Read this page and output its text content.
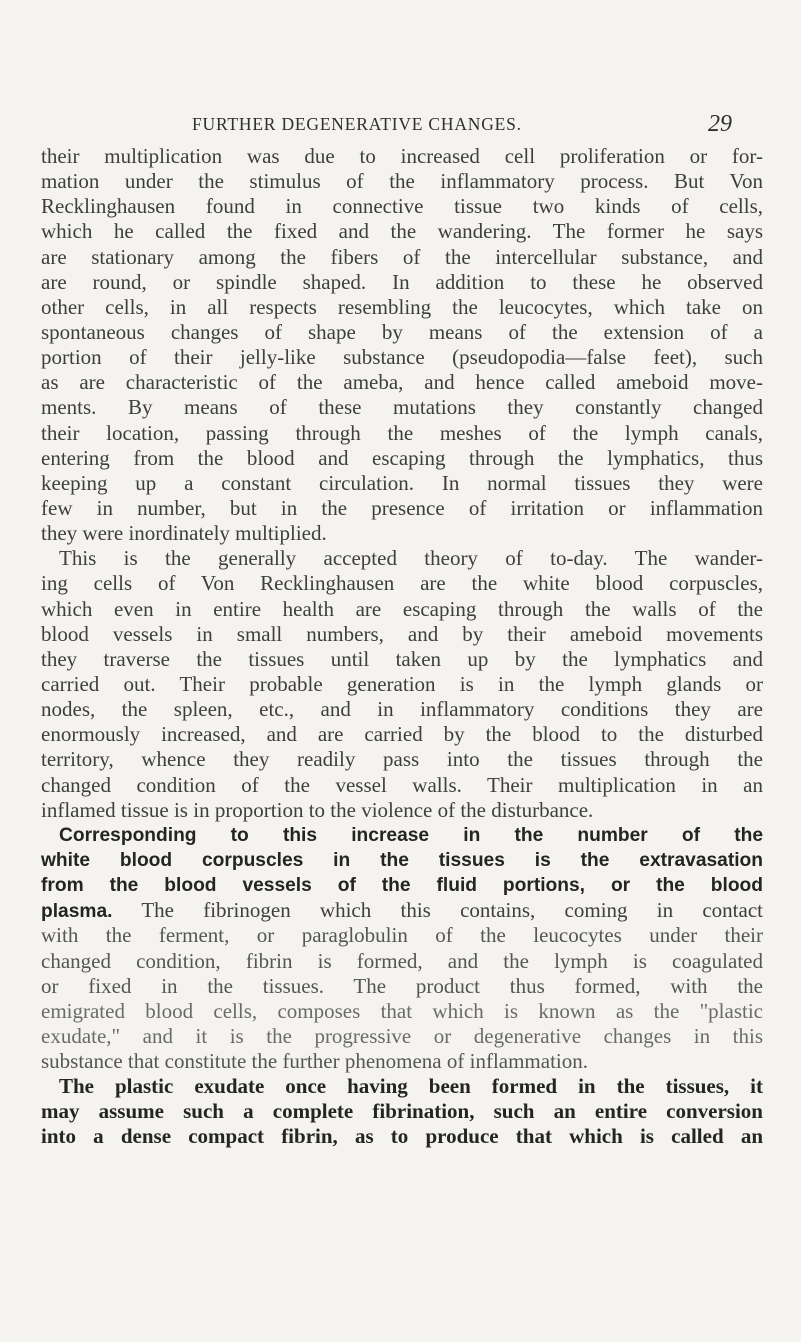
FURTHER DEGENERATIVE CHANGES.	29
their multiplication was due to increased cell proliferation or for-
mation under the stimulus of the inflammatory process. But Von
Recklinghausen found in connective tissue two kinds of cells,
which he called the fixed and the wandering. The former he says
are stationary among the fibers of the intercellular substance, and
are round, or spindle shaped. In addition to these he observed
other cells, in all respects resembling the leucocytes, which take on
spontaneous changes of shape by means of the extension of a
portion of their jelly-like substance (pseudopodia—false feet), such
as are characteristic of the ameba, and hence called ameboid move-
ments. By means of these mutations they constantly changed
their location, passing through the meshes of the lymph canals,
entering from the blood and escaping through the lymphatics, thus
keeping up a constant circulation. In normal tissues they were
few in number, but in the presence of irritation or inflammation
they were inordinately multiplied.
This is the generally accepted theory of to-day. The wander-
ing cells of Von Recklinghausen are the white blood corpuscles,
which even in entire health are escaping through the walls of the
blood vessels in small numbers, and by their ameboid movements
they traverse the tissues until taken up by the lymphatics and
carried out. Their probable generation is in the lymph glands or
nodes, the spleen, etc., and in inflammatory conditions they are
enormously increased, and are carried by the blood to the disturbed
territory, whence they readily pass into the tissues through the
changed condition of the vessel walls. Their multiplication in an
inflamed tissue is in proportion to the violence of the disturbance.
Corresponding to this increase in the number of the
white blood corpuscles in the tissues is the extravasation
from the blood vessels of the fluid portions, or the blood
plasma. The fibrinogen which this contains, coming in contact
with the ferment, or paraglobulin of the leucocytes under their
changed condition, fibrin is formed, and the lymph is coagulated
or fixed in the tissues. The product thus formed, with the
emigrated blood cells, composes that which is known as the "plastic
exudate," and it is the progressive or degenerative changes in this
substance that constitute the further phenomena of inflammation.
The plastic exudate once having been formed in the tissues, it
may assume such a complete fibrination, such an entire conversion
into a dense compact fibrin, as to produce that which is called an
